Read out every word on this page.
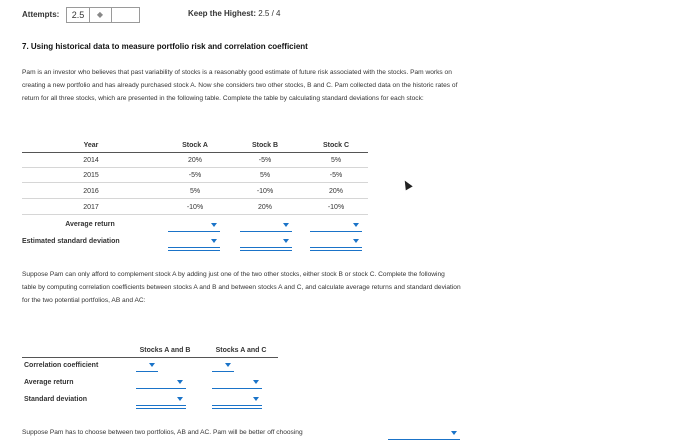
Attempts:	2.5	◆	Keep the Highest: 2.5 / 4
7. Using historical data to measure portfolio risk and correlation coefficient
Pam is an investor who believes that past variability of stocks is a reasonably good estimate of future risk associated with the stocks. Pam works on
creating a new portfolio and has already purchased stock A. Now she considers two other stocks, B and C. Pam collected data on the historic rates of
return for all three stocks, which are presented in the following table. Complete the table by calculating standard deviations for each stock:
Year	Stock A	Stock B	Stock C
2014	20%	-5%	5%
2015	-5%	5%	-5%
2016	5%	-10%	20%
2017	-10%	20%	-10%
Average return
Estimated standard deviation
Suppose Pam can only afford to complement stock A by adding just one of the two other stocks, either stock B or stock C. Complete the following
table by computing correlation coefficients between stocks A and B and between stocks A and C, and calculate average returns and standard deviation
for the two potential portfolios, AB and AC:
Stocks A and B	Stocks A and C
Correlation coefficient
Average return
Standard deviation
Suppose Pam has to choose between two portfolios, AB and AC. Pam will be better off choosing
